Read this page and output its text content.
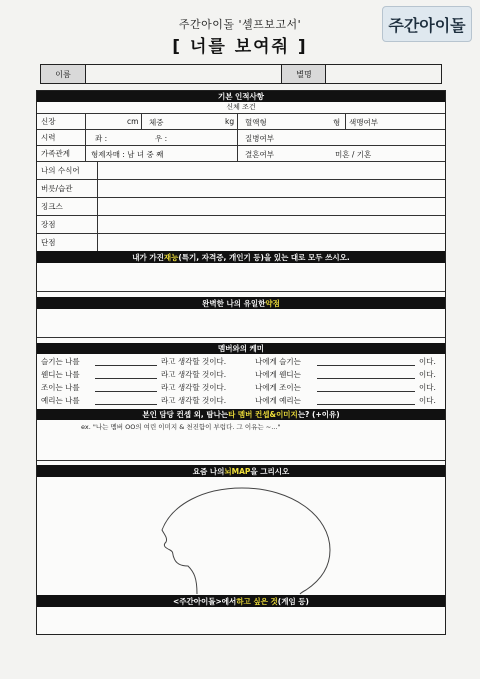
주간아이돌 '셀프보고서'
[ 너를 보여줘 ]
주간아이돌
이름	별명
기본 인적사항
신체 조건
신장	cm 체중	kg 혈액형	형 색맹여부
시력	좌 :	우 :	질병여부
가족관계	형제자매 : 남 녀 중 째	결혼여부	미혼 / 기혼
나의 수식어
버릇/습관
징크스
장점
단점
내가 가진 재능 (특기, 자격증, 개인기 등)을 있는 대로 모두 쓰시오.
완벽한 나의 유일한 약점
멤버와의 케미
슬기는 나를	라고 생각할 것이다.	나에게 슬기는	이다.
웬디는 나를	라고 생각할 것이다.	나에게 웬디는	이다.
조이는 나를	라고 생각할 것이다.	나에게 조이는	이다.
예리는 나를	라고 생각할 것이다.	나에게 예리는	이다.
본인 담당 컨셉 외, 탐나는 타 멤버 컨셉&이미지 는? (+이유)
ex. "나는 멤버 OO의 여린 이미지 & 천진함이 부럽다. 그 이유는 ~..."
요즘 나의 뇌MAP 을 그리시오
<주간아이돌>에서 하고 싶은 것 (게임 등)
